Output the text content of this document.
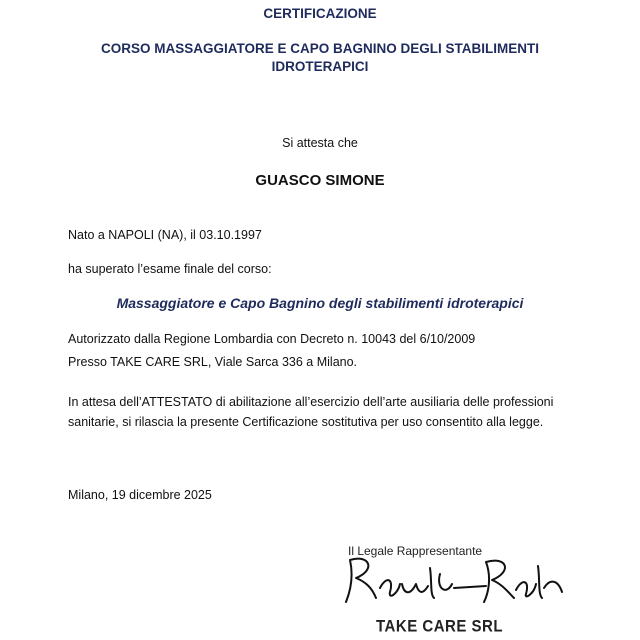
CERTIFICAZIONE
CORSO MASSAGGIATORE E CAPO BAGNINO DEGLI STABILIMENTI
IDROTERAPICI
Si attesta che
GUASCO SIMONE
Nato a NAPOLI (NA), il 03.10.1997
ha superato l’esame finale del corso:
Massaggiatore e Capo Bagnino degli stabilimenti idroterapici
Autorizzato dalla Regione Lombardia con Decreto n. 10043 del 6/10/2009
Presso TAKE CARE SRL, Viale Sarca 336 a Milano.
In attesa dell’ATTESTATO di abilitazione all’esercizio dell’arte ausiliaria delle professioni sanitarie, si rilascia la presente Certificazione sostitutiva per uso consentito alla legge.
Milano, 19 dicembre 2025
Il Legale Rappresentante
TAKE CARE SRL
